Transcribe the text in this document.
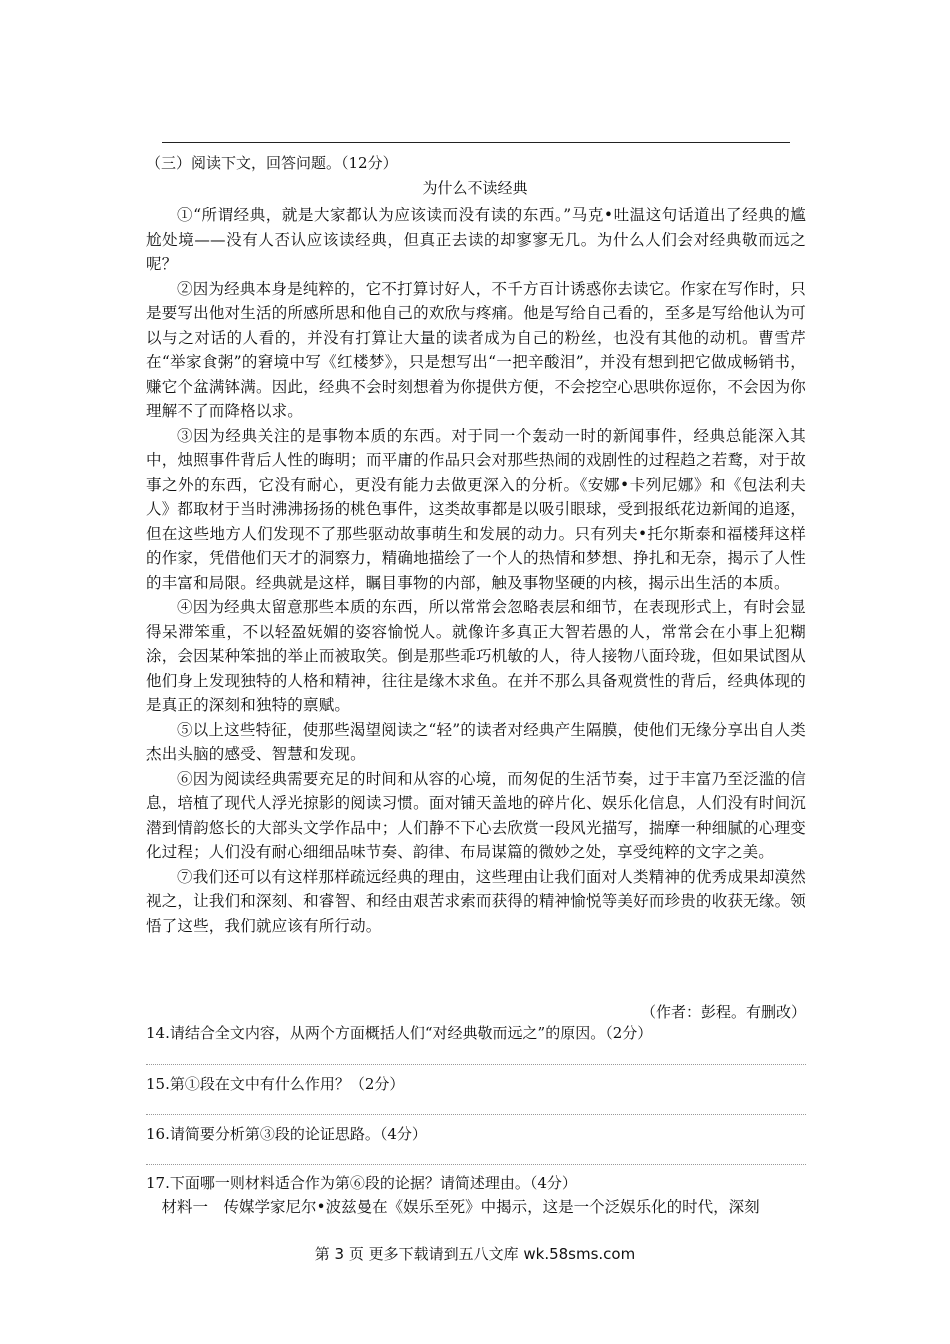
（三）阅读下文，回答问题。（12分）
为什么不读经典

①“所谓经典，就是大家都认为应该读而没有读的东西。”马克•吐温这句话道出了经典的尴尬处境——没有人否认应该读经典，但真正去读的却寥寥无几。为什么人们会对经典敬而远之呢？

②因为经典本身是纯粹的，它不打算讨好人，不千方百计诱惑你去读它。作家在写作时，只是要写出他对生活的所感所思和他自己的欢欣与疼痛。他是写给自己看的，至多是写给他认为可以与之对话的人看的，并没有打算让大量的读者成为自己的粉丝，也没有其他的动机。曹雪芹在“举家食粥”的窘境中写《红楼梦》，只是想写出“一把辛酸泪”，并没有想到把它做成畅销书，赚它个盆满钵满。因此，经典不会时刻想着为你提供方便，不会挖空心思哄你逗你，不会因为你理解不了而降格以求。

③因为经典关注的是事物本质的东西。对于同一个轰动一时的新闻事件，经典总能深入其中，烛照事件背后人性的晦明；而平庸的作品只会对那些热闹的戏剧性的过程趋之若鹜，对于故事之外的东西，它没有耐心，更没有能力去做更深入的分析。《安娜•卡列尼娜》和《包法利夫人》都取材于当时沸沸扬扬的桃色事件，这类故事都是以吸引眼球，受到报纸花边新闻的追逐，但在这些地方人们发现不了那些驱动故事萌生和发展的动力。只有列夫•托尔斯泰和福楼拜这样的作家，凭借他们天才的洞察力，精确地描绘了一个人的热情和梦想、挣扎和无奈，揭示了人性的丰富和局限。经典就是这样，瞩目事物的内部，触及事物坚硬的内核，揭示出生活的本质。

④因为经典太留意那些本质的东西，所以常常会忽略表层和细节，在表现形式上，有时会显得呆滞笨重，不以轻盈妩媚的姿容愉悦人。就像许多真正大智若愚的人，常常会在小事上犯糊涂，会因某种笨拙的举止而被取笑。倒是那些乖巧机敏的人，待人接物八面玲珑，但如果试图从他们身上发现独特的人格和精神，往往是缘木求鱼。在并不那么具备观赏性的背后，经典体现的是真正的深刻和独特的禀赋。

⑤以上这些特征，使那些渴望阅读之“轻”的读者对经典产生隔膜，使他们无缘分享出自人类杰出头脑的感受、智慧和发现。

⑥因为阅读经典需要充足的时间和从容的心境，而匆促的生活节奏，过于丰富乃至泛滥的信息，培植了现代人浮光掠影的阅读习惯。面对铺天盖地的碎片化、娱乐化信息，人们没有时间沉潜到情韵悠长的大部头文学作品中；人们静不下心去欣赏一段风光描写，揣摩一种细腻的心理变化过程；人们没有耐心细细品味节奏、韵律、布局谋篇的微妙之处，享受纯粹的文字之美。

⑦我们还可以有这样那样疏远经典的理由，这些理由让我们面对人类精神的优秀成果却漠然视之，让我们和深刻、和睿智、和经由艰苦求索而获得的精神愉悦等美好而珍贵的收获无缘。领悟了这些，我们就应该有所行动。

（作者：彭程。有删改）
14.请结合全文内容，从两个方面概括人们“对经典敬而远之”的原因。（2分）
15.第①段在文中有什么作用？（2分）
16.请简要分析第③段的论证思路。（4分）
17.下面哪一则材料适合作为第⑥段的论据？请简述理由。（4分）
材料一　传媒学家尼尔•波兹曼在《娱乐至死》中揭示，这是一个泛娱乐化的时代，深刻
第 3 页 更多下载请到五八文库 wk.58sms.com
